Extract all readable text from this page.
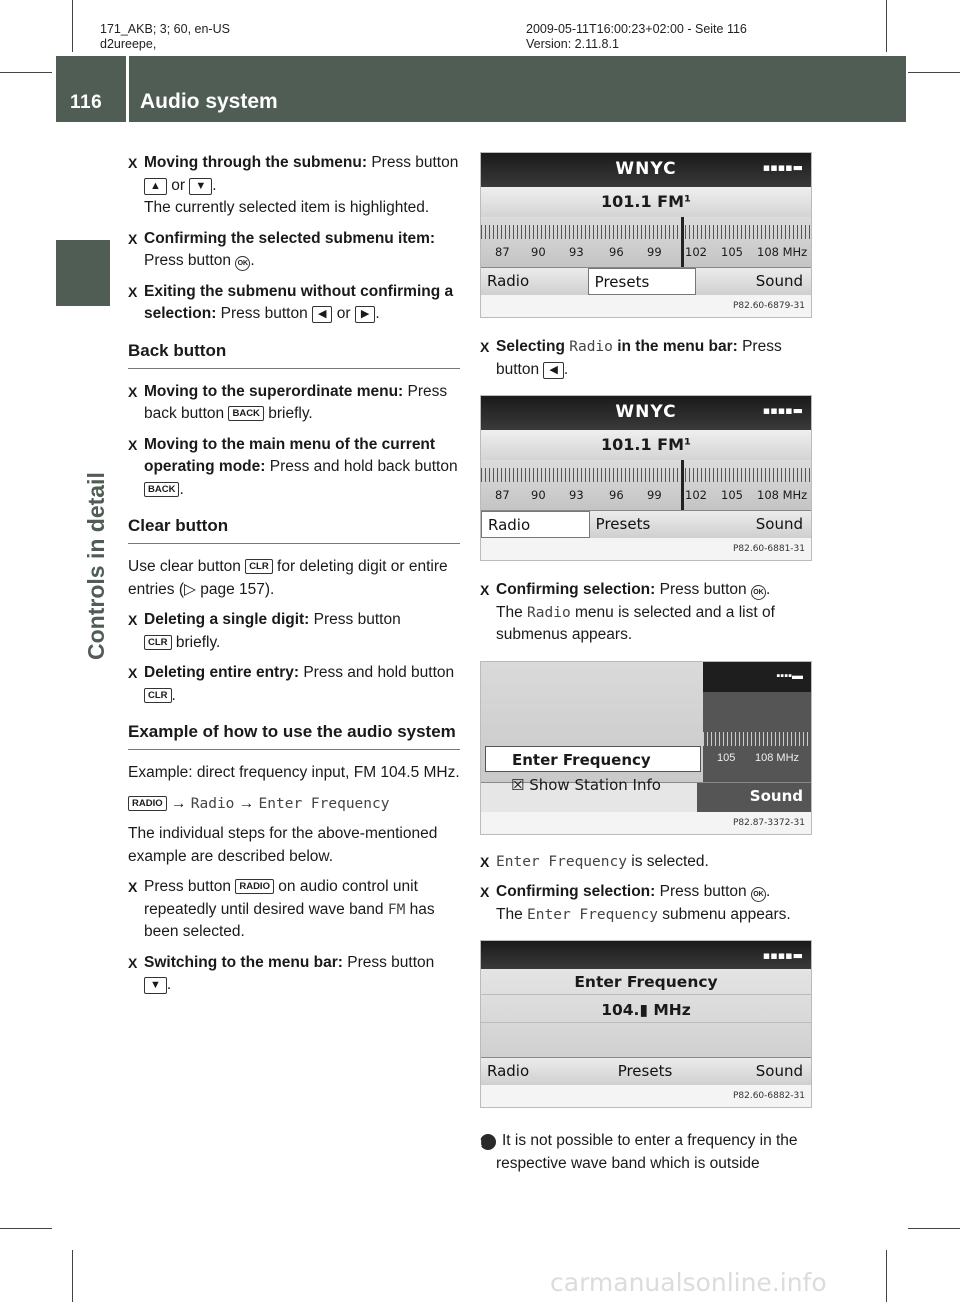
171_AKB; 3; 60, en-US
d2ureepe,
2009-05-11T16:00:23+02:00 - Seite 116
Version: 2.11.8.1
116 Audio system
Controls in detail
X Moving through the submenu: Press button ▲ or ▼ .
The currently selected item is highlighted.
X Confirming the selected submenu item: Press button OK .
X Exiting the submenu without confirming a selection: Press button ◀ or ▶ .
Back button
X Moving to the superordinate menu: Press back button BACK briefly.
X Moving to the main menu of the current operating mode: Press and hold back button BACK .
Clear button
Use clear button CLR for deleting digit or entire entries (▷ page 157).
X Deleting a single digit: Press button
CLR briefly.
X Deleting entire entry: Press and hold button CLR .
Example of how to use the audio system
Example: direct frequency input, FM 104.5 MHz.
RADIO → Radio → Enter Frequency
The individual steps for the above-mentioned example are described below.
X Press button RADIO on audio control unit repeatedly until desired wave band FM has been selected.
X Switching to the menu bar: Press button
▼ .
WNYC	▪▪▪▪▬
101.1 FM¹
87 90 93 96 99 102 105 108 MHz
Radio	Presets	Sound
P82.60-6879-31
X Selecting Radio in the menu bar: Press button ◀ .
WNYC	▪▪▪▪▬
101.1 FM¹
87 90 93 96 99 102 105 108 MHz
Radio	Presets	Sound
P82.60-6881-31
X Confirming selection: Press button OK .
The Radio menu is selected and a list of submenus appears.
Enter Frequency
☒ Show Station Info
▪▪▪▪▬
105 108 MHz
Sound
P82.87-3372-31
X Enter Frequency is selected.
X Confirming selection: Press button OK .
The Enter Frequency submenu appears.
▪▪▪▪▬
Enter Frequency
104.▮ MHz
Radio	Presets	Sound
P82.60-6882-31
i It is not possible to enter a frequency in the respective wave band which is outside
carmanualsonline.info
